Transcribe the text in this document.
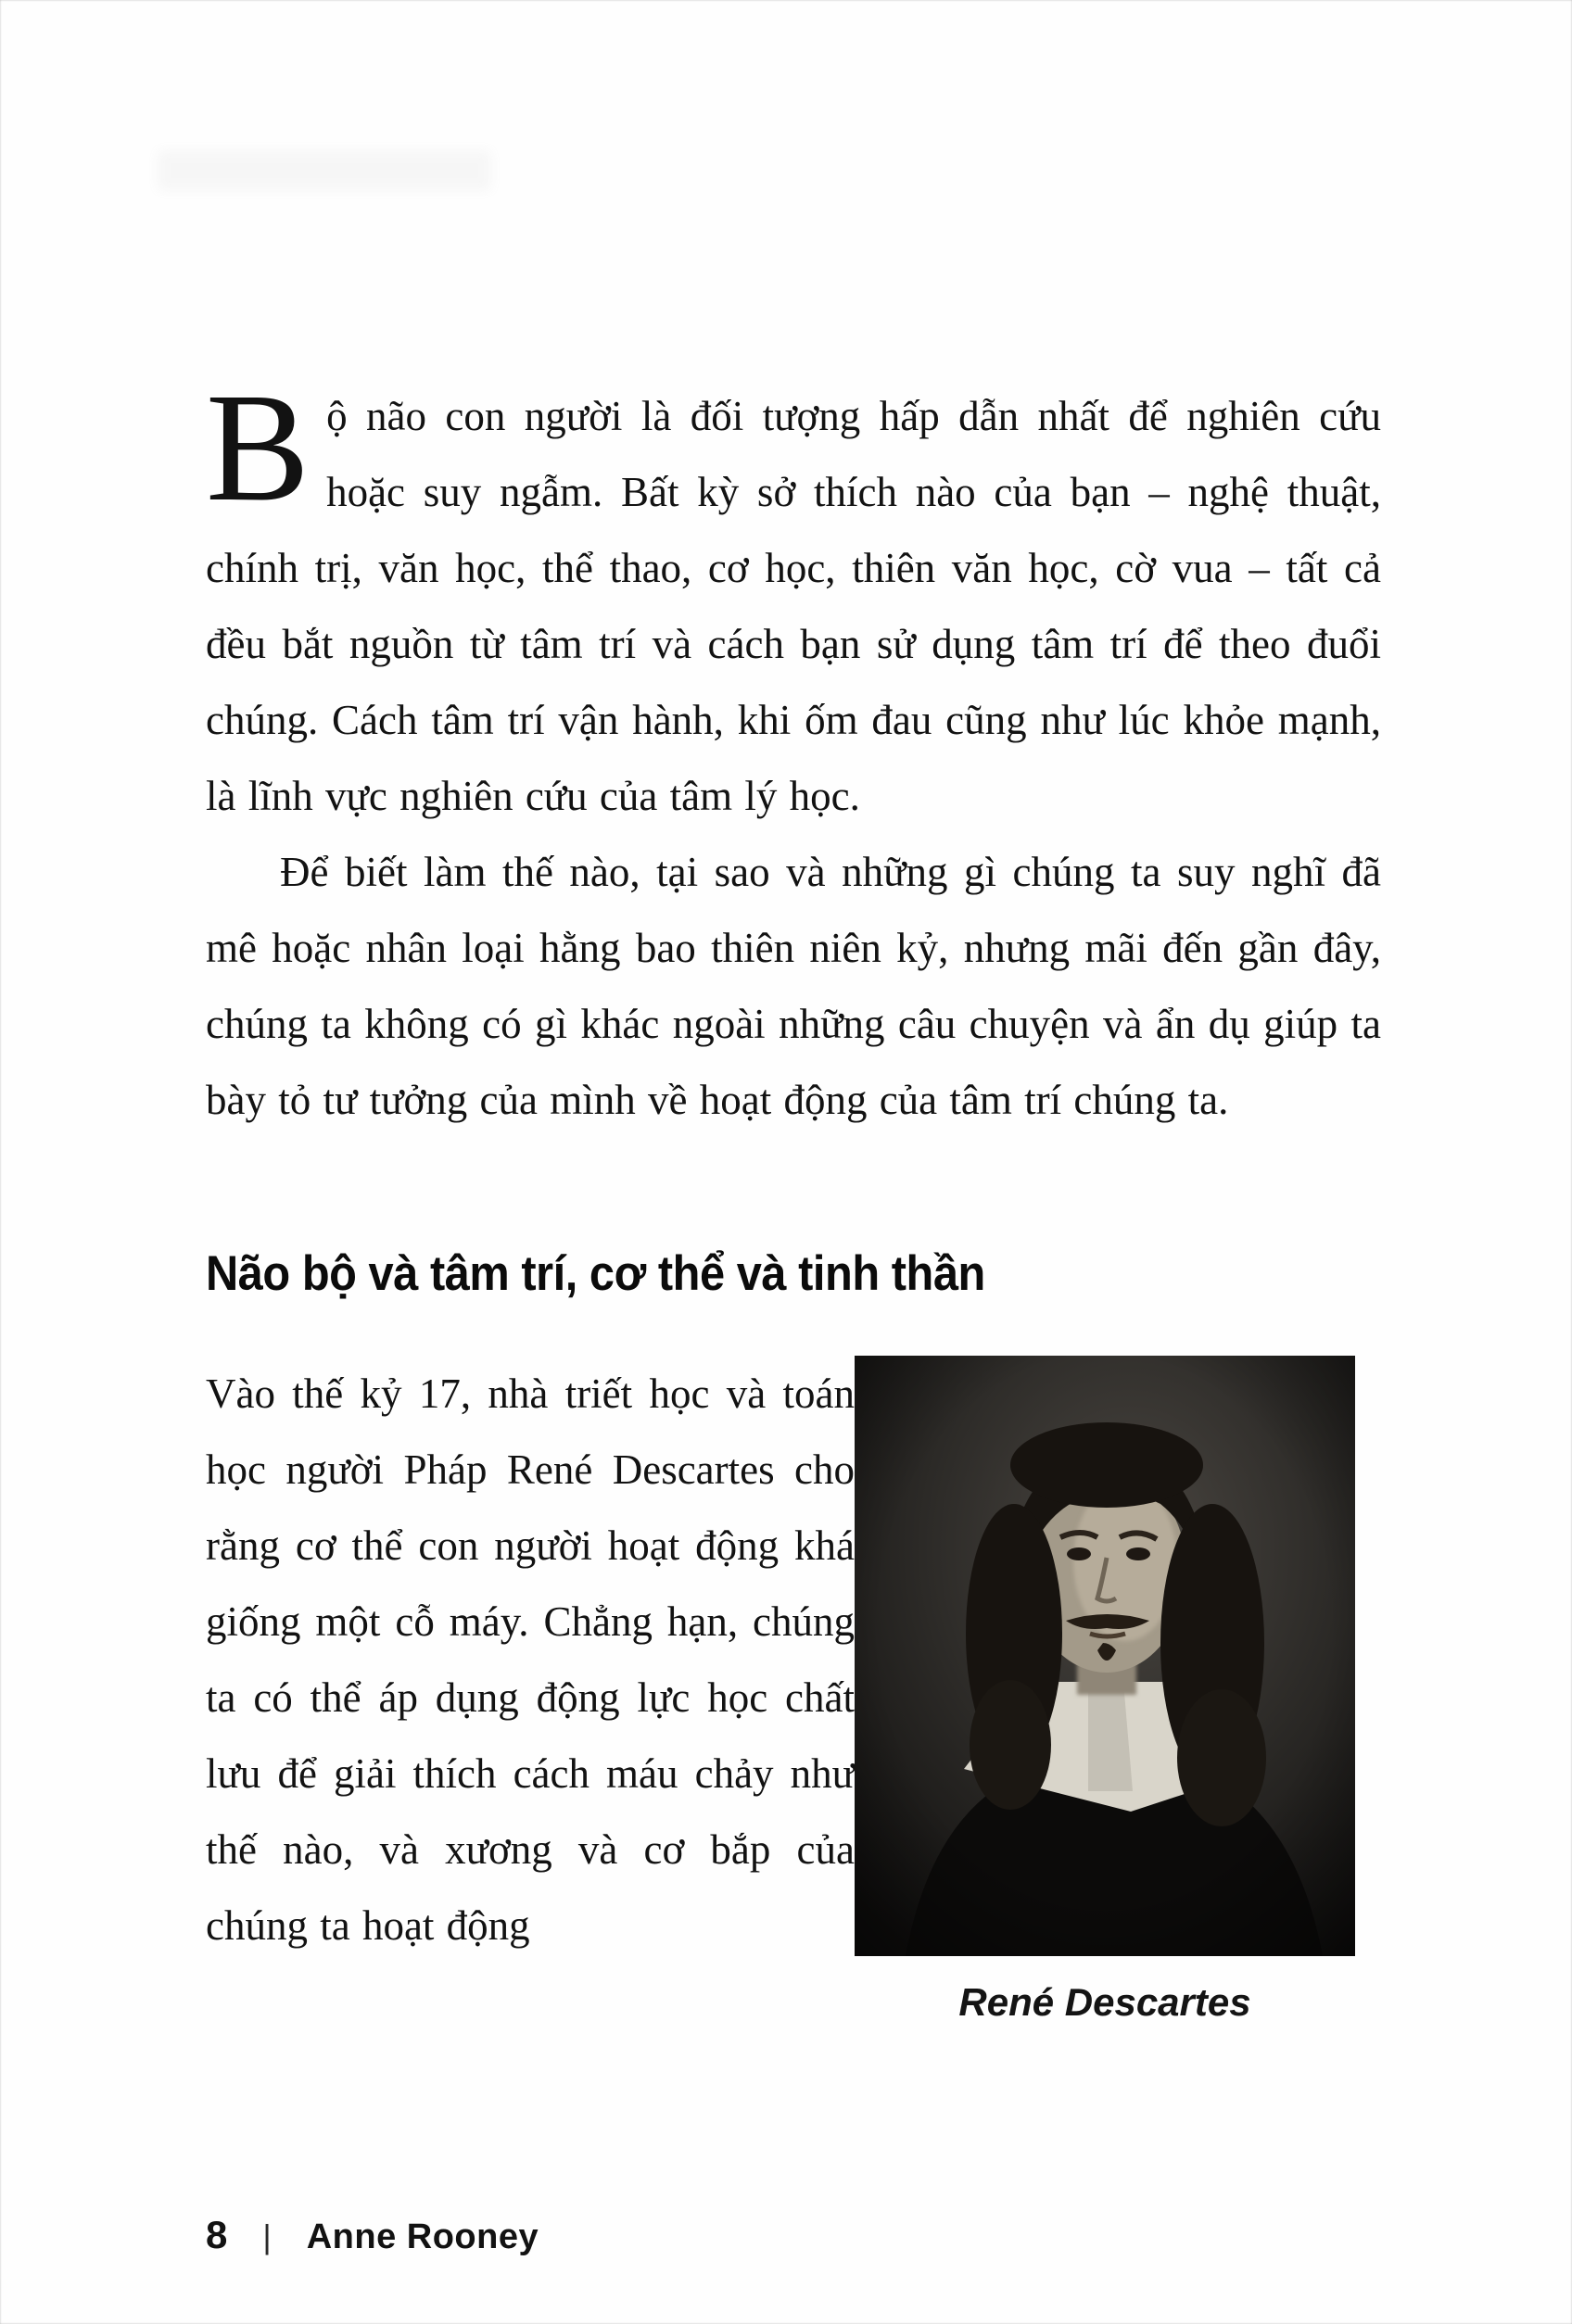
Bộ não con người là đối tượng hấp dẫn nhất để nghiên cứu hoặc suy ngẫm. Bất kỳ sở thích nào của bạn – nghệ thuật, chính trị, văn học, thể thao, cơ học, thiên văn học, cờ vua – tất cả đều bắt nguồn từ tâm trí và cách bạn sử dụng tâm trí để theo đuổi chúng. Cách tâm trí vận hành, khi ốm đau cũng như lúc khỏe mạnh, là lĩnh vực nghiên cứu của tâm lý học.

Để biết làm thế nào, tại sao và những gì chúng ta suy nghĩ đã mê hoặc nhân loại hằng bao thiên niên kỷ, nhưng mãi đến gần đây, chúng ta không có gì khác ngoài những câu chuyện và ẩn dụ giúp ta bày tỏ tư tưởng của mình về hoạt động của tâm trí chúng ta.

Não bộ và tâm trí, cơ thể và tinh thần
Vào thế kỷ 17, nhà triết học và toán học người Pháp René Descartes cho rằng cơ thể con người hoạt động khá giống một cỗ máy. Chẳng hạn, chúng ta có thể áp dụng động lực học chất lưu để giải thích cách máu chảy như thế nào, và xương và cơ bắp của chúng ta hoạt động
René Descartes
8 | Anne Rooney
